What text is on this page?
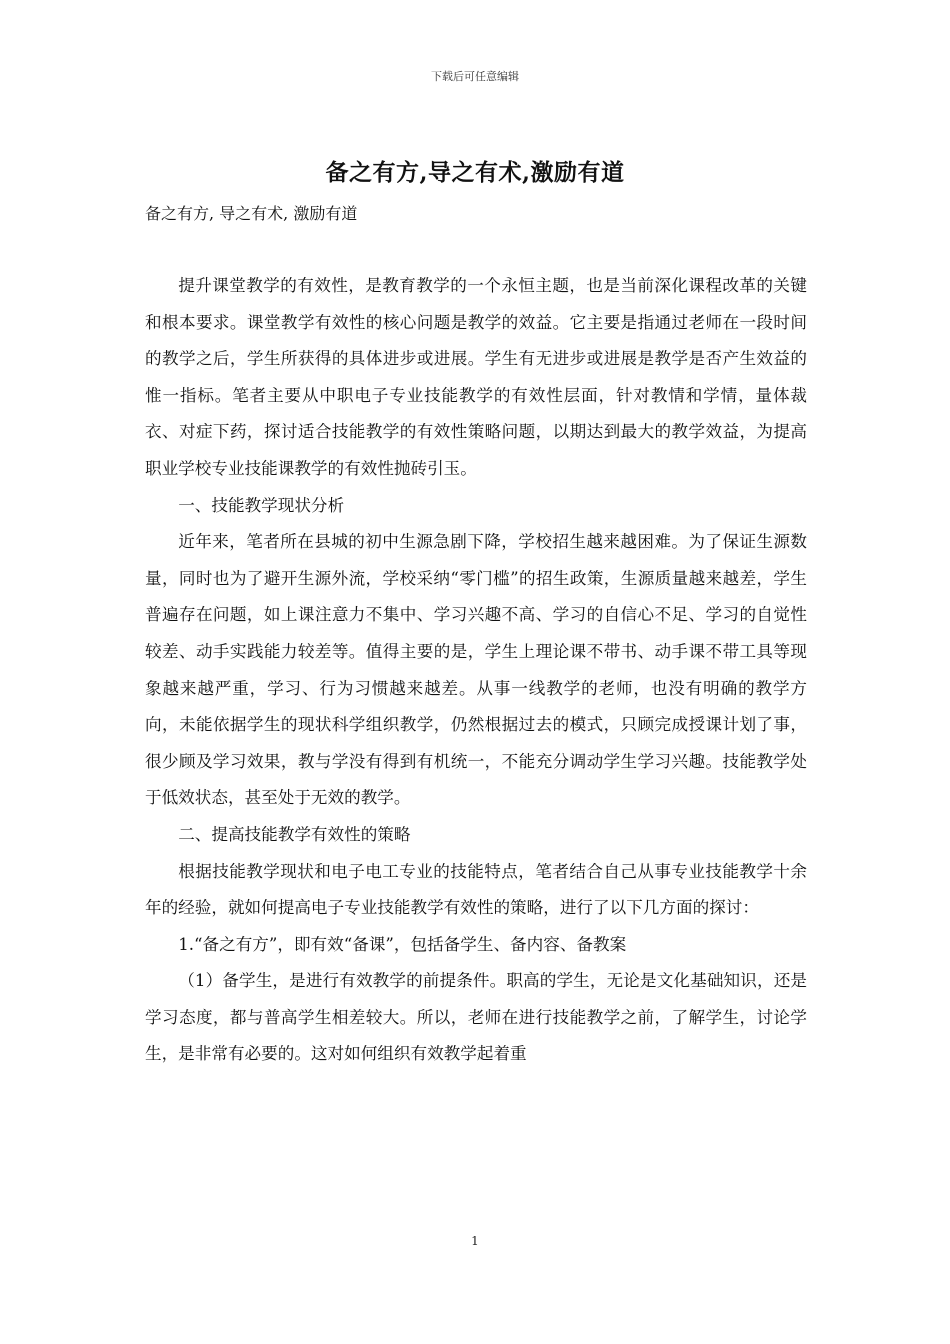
下载后可任意编辑
备之有方,导之有术,激励有道
备之有方, 导之有术, 激励有道

提升课堂教学的有效性，是教育教学的一个永恒主题，也是当前深化课程改革的关键和根本要求。课堂教学有效性的核心问题是教学的效益。它主要是指通过老师在一段时间的教学之后，学生所获得的具体进步或进展。学生有无进步或进展是教学是否产生效益的惟一指标。笔者主要从中职电子专业技能教学的有效性层面，针对教情和学情，量体裁衣、对症下药，探讨适合技能教学的有效性策略问题，以期达到最大的教学效益，为提高职业学校专业技能课教学的有效性抛砖引玉。

一、技能教学现状分析

近年来，笔者所在县城的初中生源急剧下降，学校招生越来越困难。为了保证生源数量，同时也为了避开生源外流，学校采纳“零门槛”的招生政策，生源质量越来越差，学生普遍存在问题，如上课注意力不集中、学习兴趣不高、学习的自信心不足、学习的自觉性较差、动手实践能力较差等。值得主要的是，学生上理论课不带书、动手课不带工具等现象越来越严重，学习、行为习惯越来越差。从事一线教学的老师，也没有明确的教学方向，未能依据学生的现状科学组织教学，仍然根据过去的模式，只顾完成授课计划了事，很少顾及学习效果，教与学没有得到有机统一，不能充分调动学生学习兴趣。技能教学处于低效状态，甚至处于无效的教学。

二、提高技能教学有效性的策略

根据技能教学现状和电子电工专业的技能特点，笔者结合自己从事专业技能教学十余年的经验，就如何提高电子专业技能教学有效性的策略，进行了以下几方面的探讨：

1.“备之有方”，即有效“备课”，包括备学生、备内容、备教案

（1）备学生，是进行有效教学的前提条件。职高的学生，无论是文化基础知识，还是学习态度，都与普高学生相差较大。所以，老师在进行技能教学之前，了解学生，讨论学生，是非常有必要的。这对如何组织有效教学起着重

1
